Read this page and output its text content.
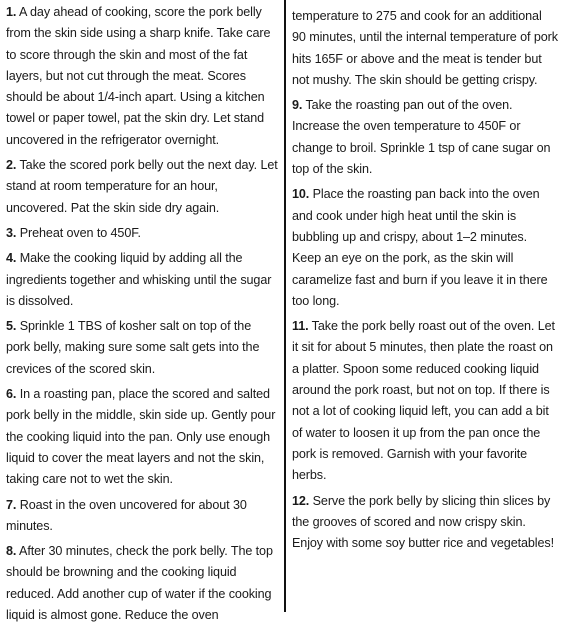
1. A day ahead of cooking, score the pork belly from the skin side using a sharp knife. Take care to score through the skin and most of the fat layers, but not cut through the meat. Scores should be about 1/4-inch apart. Using a kitchen towel or paper towel, pat the skin dry. Let stand uncovered in the refrigerator overnight.

2. Take the scored pork belly out the next day. Let stand at room temperature for an hour, uncovered. Pat the skin side dry again.

3. Preheat oven to 450F.

4. Make the cooking liquid by adding all the ingredients together and whisking until the sugar is dissolved.

5. Sprinkle 1 TBS of kosher salt on top of the pork belly, making sure some salt gets into the crevices of the scored skin.

6. In a roasting pan, place the scored and salted pork belly in the middle, skin side up. Gently pour the cooking liquid into the pan. Only use enough liquid to cover the meat layers and not the skin, taking care not to wet the skin.

7. Roast in the oven uncovered for about 30 minutes.

8. After 30 minutes, check the pork belly. The top should be browning and the cooking liquid reduced. Add another cup of water if the cooking liquid is almost gone. Reduce the oven

temperature to 275 and cook for an additional 90 minutes, until the internal temperature of pork hits 165F or above and the meat is tender but not mushy. The skin should be getting crispy.

9. Take the roasting pan out of the oven. Increase the oven temperature to 450F or change to broil. Sprinkle 1 tsp of cane sugar on top of the skin.

10. Place the roasting pan back into the oven and cook under high heat until the skin is bubbling up and crispy, about 1–2 minutes. Keep an eye on the pork, as the skin will caramelize fast and burn if you leave it in there too long.

11. Take the pork belly roast out of the oven. Let it sit for about 5 minutes, then plate the roast on a platter. Spoon some reduced cooking liquid around the pork roast, but not on top. If there is not a lot of cooking liquid left, you can add a bit of water to loosen it up from the pan once the pork is removed. Garnish with your favorite herbs.

12. Serve the pork belly by slicing thin slices by the grooves of scored and now crispy skin. Enjoy with some soy butter rice and vegetables!
